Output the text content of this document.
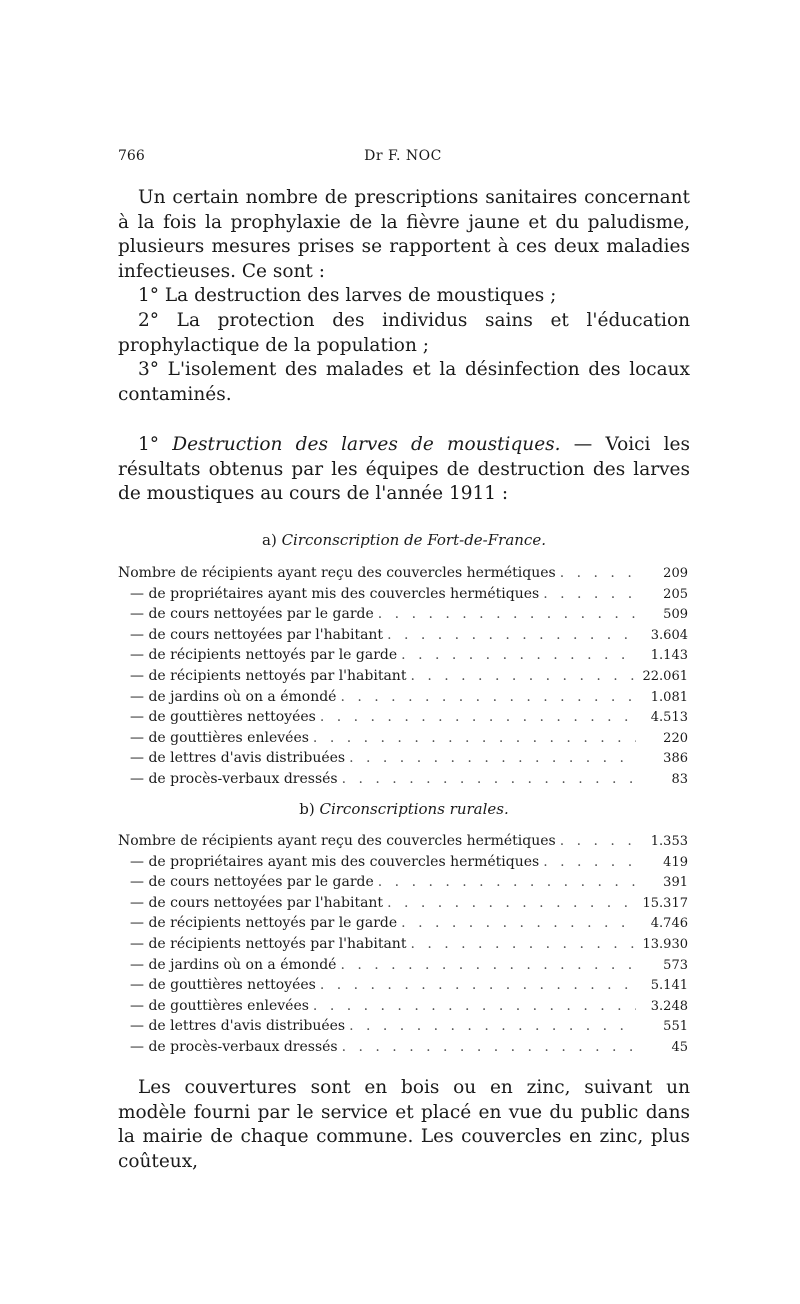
766	Dr F. NOC

Un certain nombre de prescriptions sanitaires concernant à la fois la prophylaxie de la fièvre jaune et du paludisme, plusieurs mesures prises se rapportent à ces deux maladies infectieuses. Ce sont :

1° La destruction des larves de moustiques ;

2° La protection des individus sains et l'éducation prophylactique de la population ;

3° L'isolement des malades et la désinfection des locaux contaminés.

1° Destruction des larves de moustiques. — Voici les résultats obtenus par les équipes de destruction des larves de moustiques au cours de l'année 1911 :

a) Circonscription de Fort-de-France.
Nombre de récipients ayant reçu des couvercles hermétiques . . .	209
— de propriétaires ayant mis des couvercles hermétiques . . .	205
— de cours nettoyées par le garde . . .	509
— de cours nettoyées par l'habitant . . .	3.604
— de récipients nettoyés par le garde . . .	1.143
— de récipients nettoyés par l'habitant . . .	22.061
— de jardins où on a émondé . . .	1.081
— de gouttières nettoyées . . .	4.513
— de gouttières enlevées . . .	220
— de lettres d'avis distribuées . . .	386
— de procès-verbaux dressés . . .	83
b) Circonscriptions rurales.
Nombre de récipients ayant reçu des couvercles hermétiques . . .	1.353
— de propriétaires ayant mis des couvercles hermétiques . . .	419
— de cours nettoyées par le garde . . .	391
— de cours nettoyées par l'habitant . . .	15.317
— de récipients nettoyés par le garde . . .	4.746
— de récipients nettoyés par l'habitant . . .	13.930
— de jardins où on a émondé . . .	573
— de gouttières nettoyées . . .	5.141
— de gouttières enlevées . . .	3.248
— de lettres d'avis distribuées . . .	551
— de procès-verbaux dressés . . .	45

Les couvertures sont en bois ou en zinc, suivant un modèle fourni par le service et placé en vue du public dans la mairie de chaque commune. Les couvercles en zinc, plus coûteux,
